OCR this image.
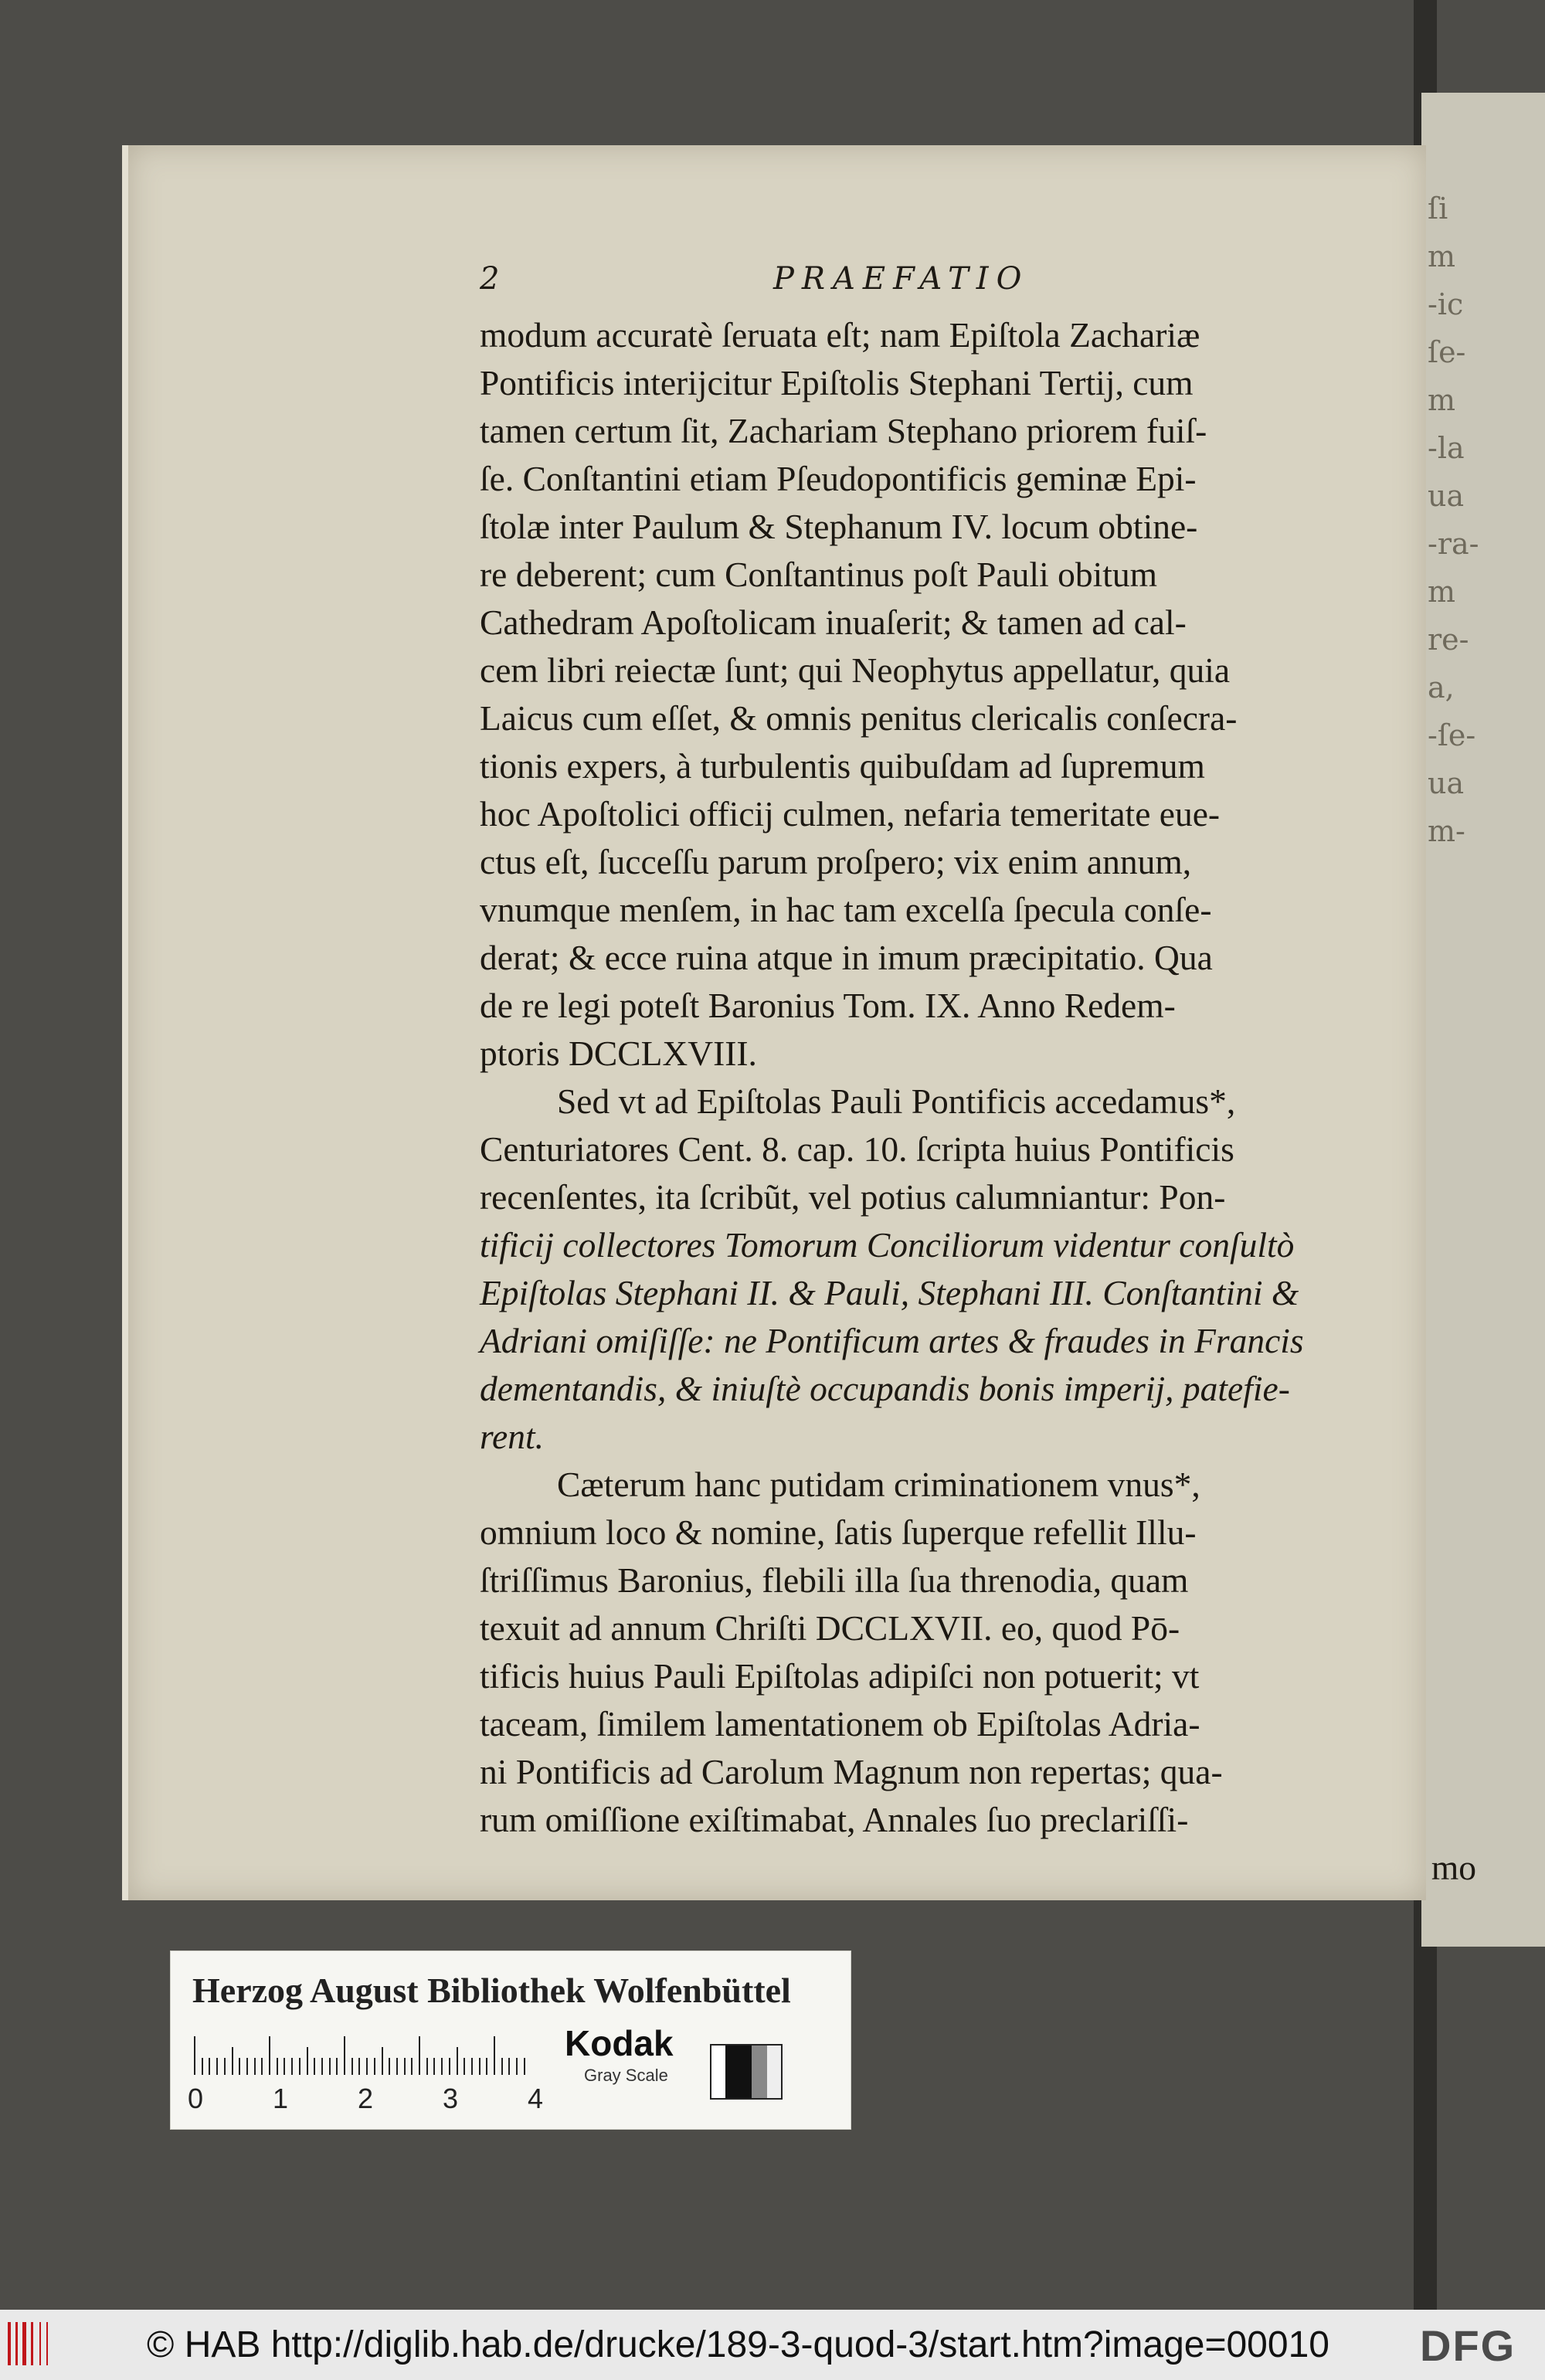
ſi
m
-ic
ſe-
m
-la
ua
-ra-
m
re-
a,
-ſe-
ua
m-
2	PRAEFATIO
modum accuratè ſeruata eſt; nam Epiſtola Zachariæ
Pontificis interijcitur Epiſtolis Stephani Tertij, cum
tamen certum ſit, Zachariam Stephano priorem fuiſ-
ſe. Conſtantini etiam Pſeudopontificis geminæ Epi-
ſtolæ inter Paulum & Stephanum IV. locum obtine-
re deberent; cum Conſtantinus poſt Pauli obitum
Cathedram Apoſtolicam inuaſerit; & tamen ad cal-
cem libri reiectæ ſunt; qui Neophytus appellatur, quia
Laicus cum eſſet, & omnis penitus clericalis conſecra-
tionis expers, à turbulentis quibuſdam ad ſupremum
hoc Apoſtolici officij culmen, nefaria temeritate eue-
ctus eſt, ſucceſſu parum proſpero; vix enim annum,
vnumque menſem, in hac tam excelſa ſpecula conſe-
derat; & ecce ruina atque in imum præcipitatio. Qua
de re legi poteſt Baronius Tom. IX. Anno Redem-
ptoris DCCLXVIII.
Sed vt ad Epiſtolas Pauli Pontificis accedamus*,
Centuriatores Cent. 8. cap. 10. ſcripta huius Pontificis
recenſentes, ita ſcribũt, vel potius calumniantur: Pon-
tificij collectores Tomorum Conciliorum videntur conſultò
Epiſtolas Stephani II. & Pauli, Stephani III. Conſtantini &
Adriani omiſiſſe: ne Pontificum artes & fraudes in Francis
dementandis, & iniuſtè occupandis bonis imperij, patefie-
rent.
Cæterum hanc putidam criminationem vnus*,
omnium loco & nomine, ſatis ſuperque refellit Illu-
ſtriſſimus Baronius, flebili illa ſua threnodia, quam
texuit ad annum Chriſti DCCLXVII. eo, quod Pō-
tificis huius Pauli Epiſtolas adipiſci non potuerit; vt
taceam, ſimilem lamentationem ob Epiſtolas Adria-
ni Pontificis ad Carolum Magnum non repertas; qua-
rum omiſſione exiſtimabat, Annales ſuo preclariſſi-
mo
Herzog August Bibliothek Wolfenbüttel
0 1 2 3 4
Kodak
Gray Scale
© HAB http://diglib.hab.de/drucke/189-3-quod-3/start.htm?image=00010 DFG
